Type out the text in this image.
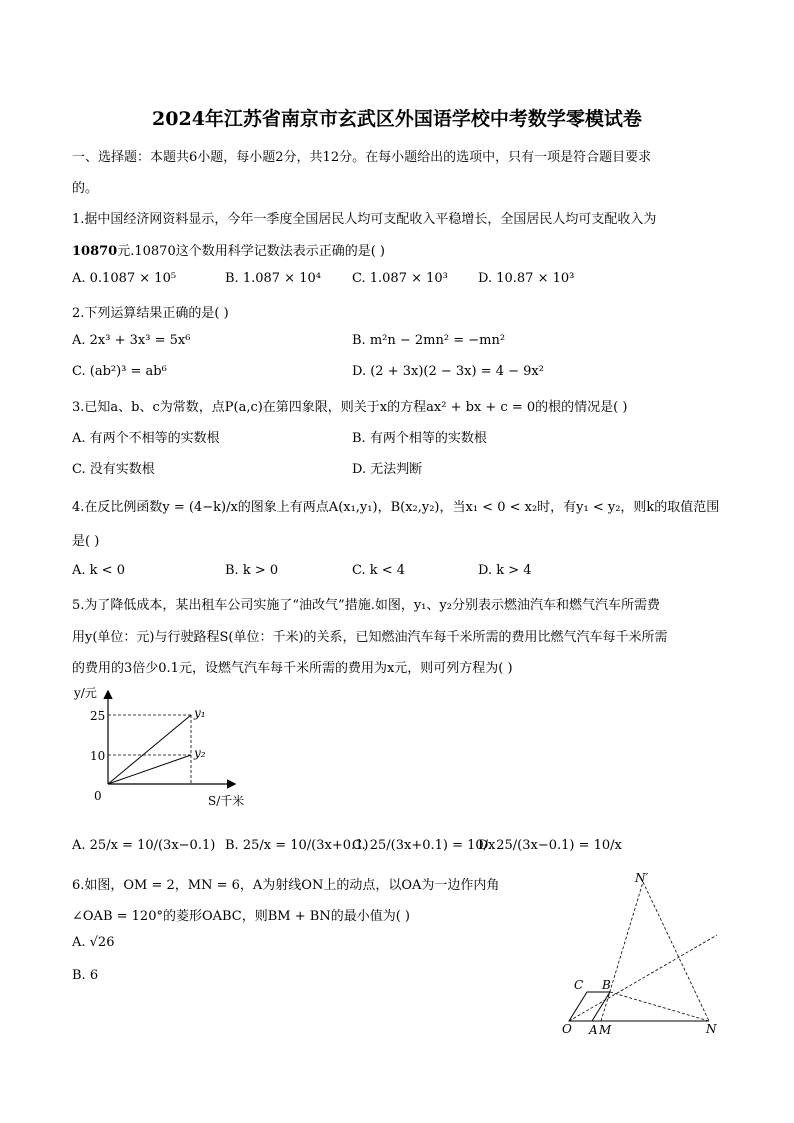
2024年江苏省南京市玄武区外国语学校中考数学零模试卷
一、选择题：本题共6小题，每小题2分，共12分。在每小题给出的选项中，只有一项是符合题目要求
的。
1.据中国经济网资料显示，今年一季度全国居民人均可支配收入平稳增长，全国居民人均可支配收入为
10870元.10870这个数用科学记数法表示正确的是( )
A. 0.1087 × 10⁵	B. 1.087 × 10⁴ C. 1.087 × 10³ D. 10.87 × 10³
2.下列运算结果正确的是( )
A. 2x³ + 3x³ = 5x⁶	B. m²n − 2mn² = −mn²
C. (ab²)³ = ab⁶	D. (2 + 3x)(2 − 3x) = 4 − 9x²
3.已知a、b、c为常数，点P(a,c)在第四象限，则关于x的方程ax² + bx + c = 0的根的情况是( )
A. 有两个不相等的实数根	B. 有两个相等的实数根
C. 没有实数根	D. 无法判断
4.在反比例函数y = (4−k)/x的图象上有两点A(x₁,y₁)，B(x₂,y₂)，当x₁ < 0 < x₂时，有y₁ < y₂，则k的取值范围
是( )
A. k < 0	B. k > 0	C. k < 4	D. k > 4
5.为了降低成本，某出租车公司实施了“油改气”措施.如图，y₁、y₂分别表示燃油汽车和燃气汽车所需费
用y(单位：元)与行驶路程S(单位：千米)的关系，已知燃油汽车每千米所需的费用比燃气汽车每千米所需
的费用的3倍少0.1元，设燃气汽车每千米所需的费用为x元，则可列方程为( )
y/元
25
10
0
y₁
y₂
S/千米
A. 25/x = 10/(3x−0.1) B. 25/x = 10/(3x+0.1)
C. 25/(3x+0.1) = 10/x
D. 25/(3x−0.1) = 10/x
6.如图，OM = 2，MN = 6，A为射线ON上的动点，以OA为一边作内角
∠OAB = 120°的菱形OABC，则BM + BN的最小值为( )
A. √26
B. 6
N′
C B
O A M	N
